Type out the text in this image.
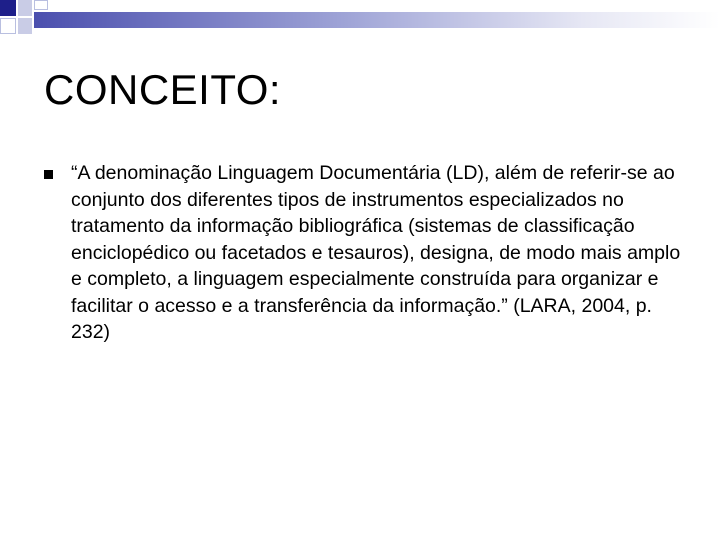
CONCEITO:

“A denominação Linguagem Documentária (LD), além de referir-se ao conjunto dos diferentes tipos de instrumentos especializados no tratamento da informação bibliográfica (sistemas de classificação enciclopédico ou facetados e tesauros), designa, de modo mais amplo e completo, a linguagem especialmente construída para organizar e facilitar o acesso e a transferência da informação.” (LARA, 2004, p. 232)
